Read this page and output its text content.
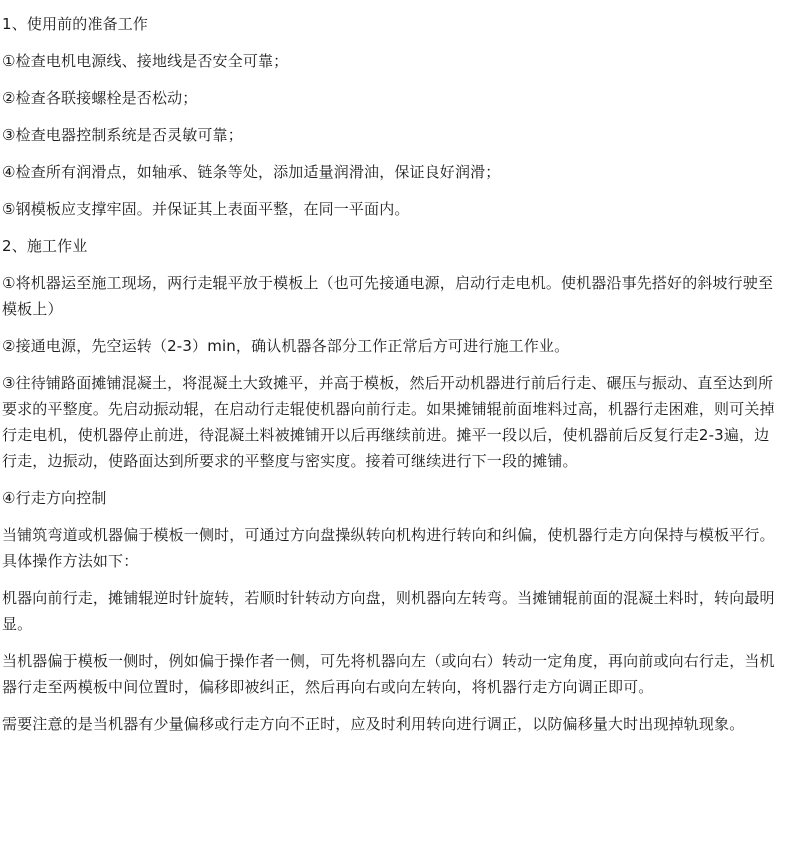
1、使用前的准备工作

①检查电机电源线、接地线是否安全可靠；

②检查各联接螺栓是否松动；

③检查电器控制系统是否灵敏可靠；

④检查所有润滑点，如轴承、链条等处，添加适量润滑油，保证良好润滑；

⑤钢模板应支撑牢固。并保证其上表面平整，在同一平面内。

2、施工作业

①将机器运至施工现场，两行走辊平放于模板上（也可先接通电源，启动行走电机。使机器沿事先搭好的斜坡行驶至模板上）

②接通电源，先空运转（2-3）min，确认机器各部分工作正常后方可进行施工作业。

③往待铺路面摊铺混凝土，将混凝土大致摊平，并高于模板，然后开动机器进行前后行走、碾压与振动、直至达到所要求的平整度。先启动振动辊，在启动行走辊使机器向前行走。如果摊铺辊前面堆料过高，机器行走困难，则可关掉行走电机，使机器停止前进，待混凝土料被摊铺开以后再继续前进。摊平一段以后，使机器前后反复行走2-3遍，边行走，边振动，使路面达到所要求的平整度与密实度。接着可继续进行下一段的摊铺。

④行走方向控制

当铺筑弯道或机器偏于模板一侧时，可通过方向盘操纵转向机构进行转向和纠偏，使机器行走方向保持与模板平行。具体操作方法如下：

机器向前行走，摊铺辊逆时针旋转，若顺时针转动方向盘，则机器向左转弯。当摊铺辊前面的混凝土料时，转向最明显。

当机器偏于模板一侧时，例如偏于操作者一侧，可先将机器向左（或向右）转动一定角度，再向前或向右行走，当机器行走至两模板中间位置时，偏移即被纠正，然后再向右或向左转向，将机器行走方向调正即可。

需要注意的是当机器有少量偏移或行走方向不正时，应及时利用转向进行调正，以防偏移量大时出现掉轨现象。
